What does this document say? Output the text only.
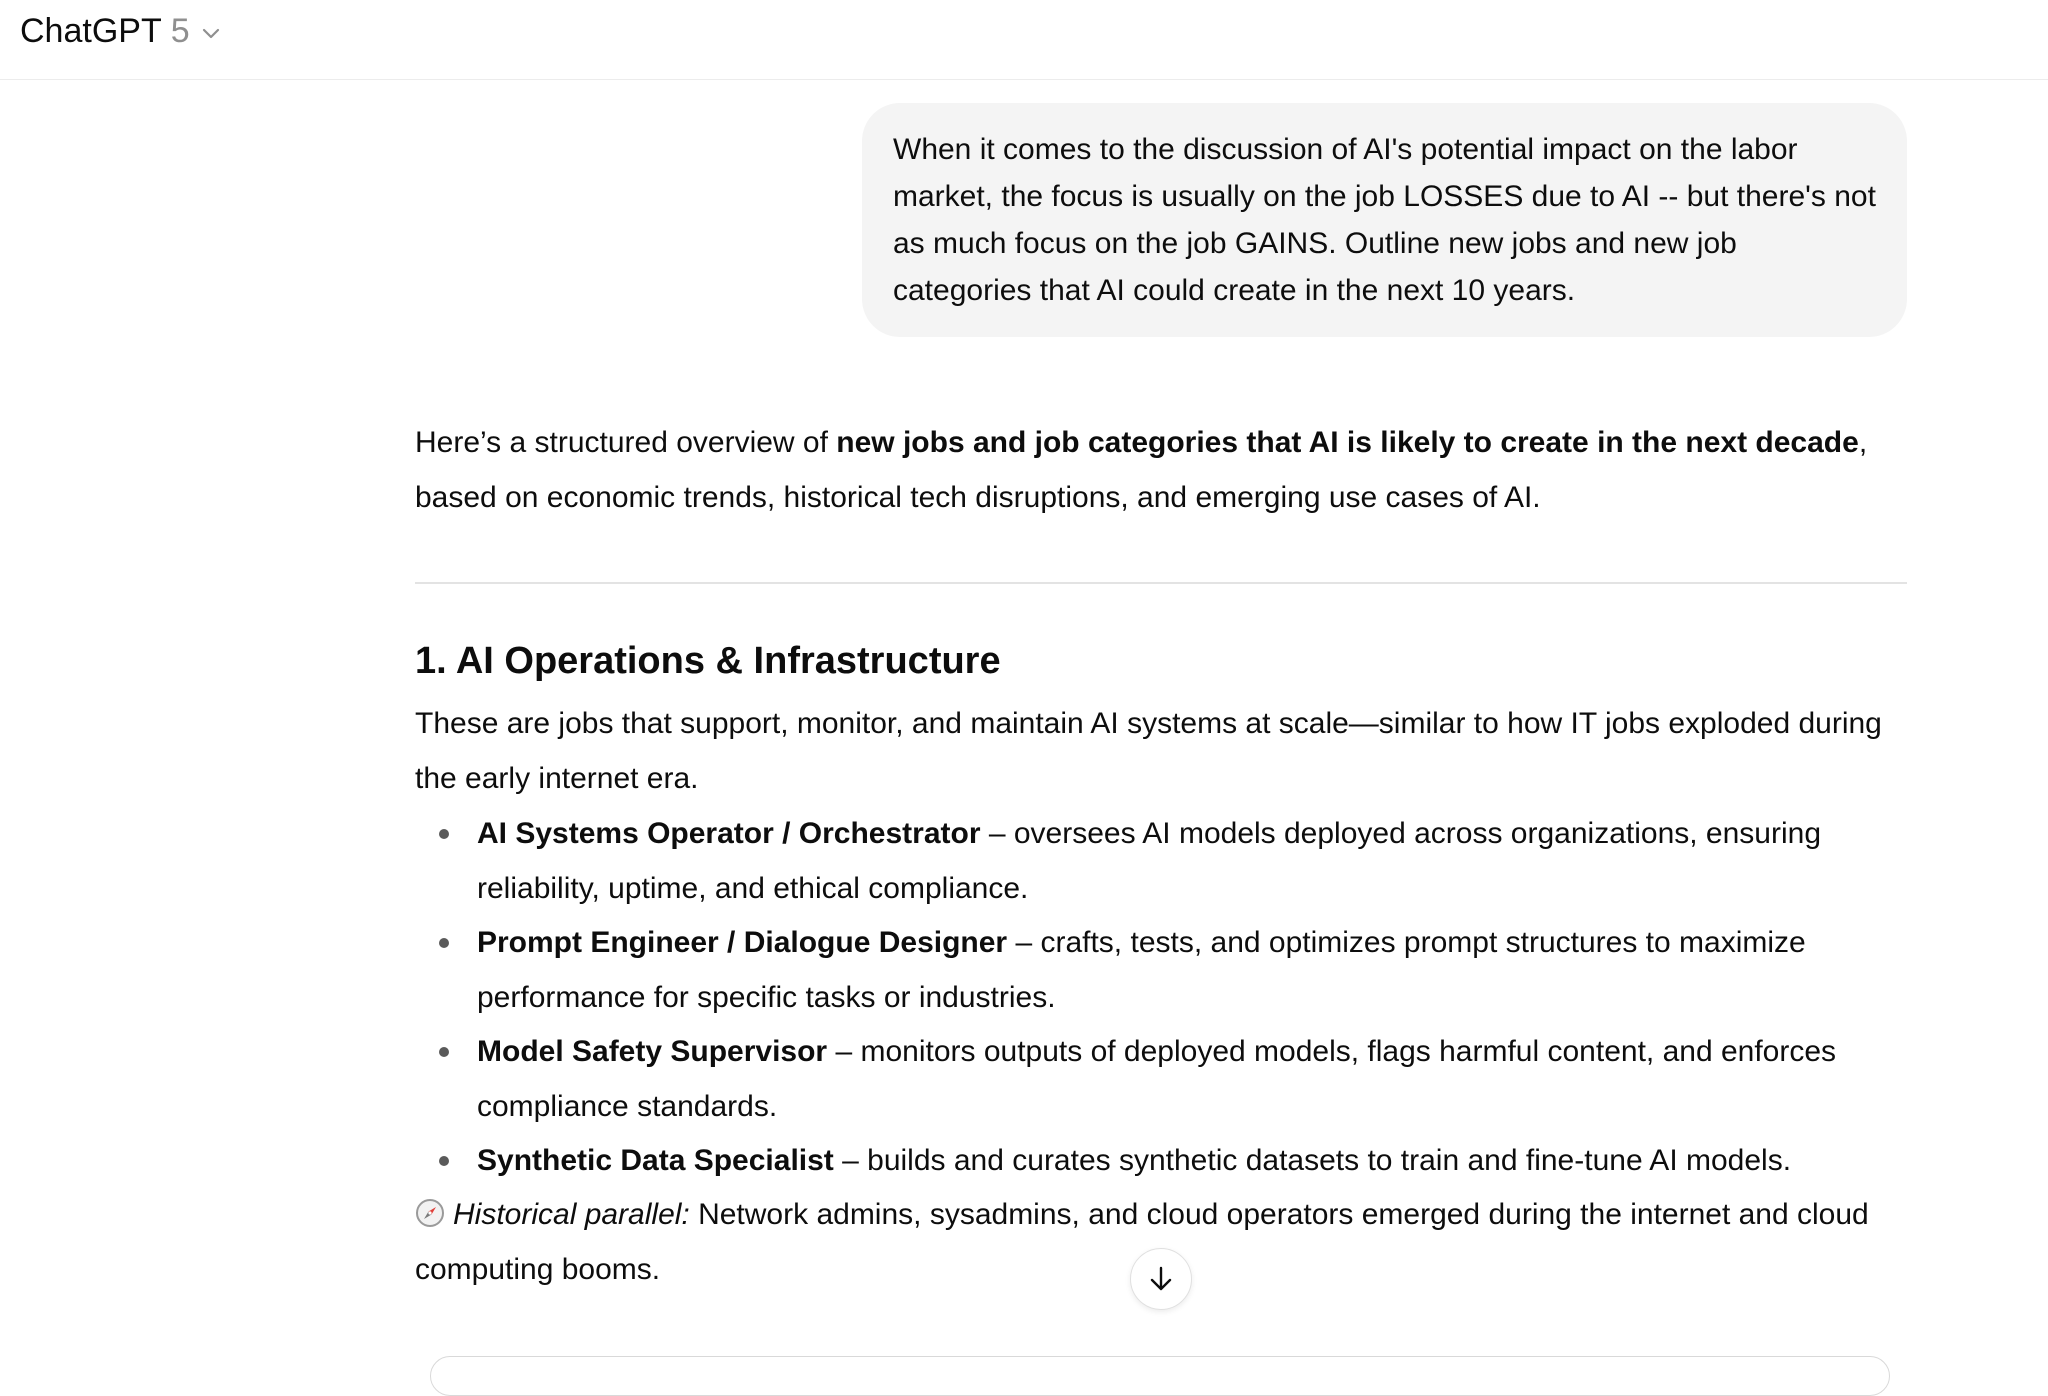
ChatGPT 5
When it comes to the discussion of AI's potential impact on the labor market, the focus is usually on the job LOSSES due to AI -- but there's not as much focus on the job GAINS. Outline new jobs and new job categories that AI could create in the next 10 years.

Here’s a structured overview of new jobs and job categories that AI is likely to create in the next decade, based on economic trends, historical tech disruptions, and emerging use cases of AI.

1. AI Operations & Infrastructure

These are jobs that support, monitor, and maintain AI systems at scale—similar to how IT jobs exploded during the early internet era.

AI Systems Operator / Orchestrator – oversees AI models deployed across organizations, ensuring reliability, uptime, and ethical compliance.
Prompt Engineer / Dialogue Designer – crafts, tests, and optimizes prompt structures to maximize performance for specific tasks or industries.
Model Safety Supervisor – monitors outputs of deployed models, flags harmful content, and enforces compliance standards.
Synthetic Data Specialist – builds and curates synthetic datasets to train and fine-tune AI models.

Historical parallel: Network admins, sysadmins, and cloud operators emerged during the internet and cloud computing booms.
